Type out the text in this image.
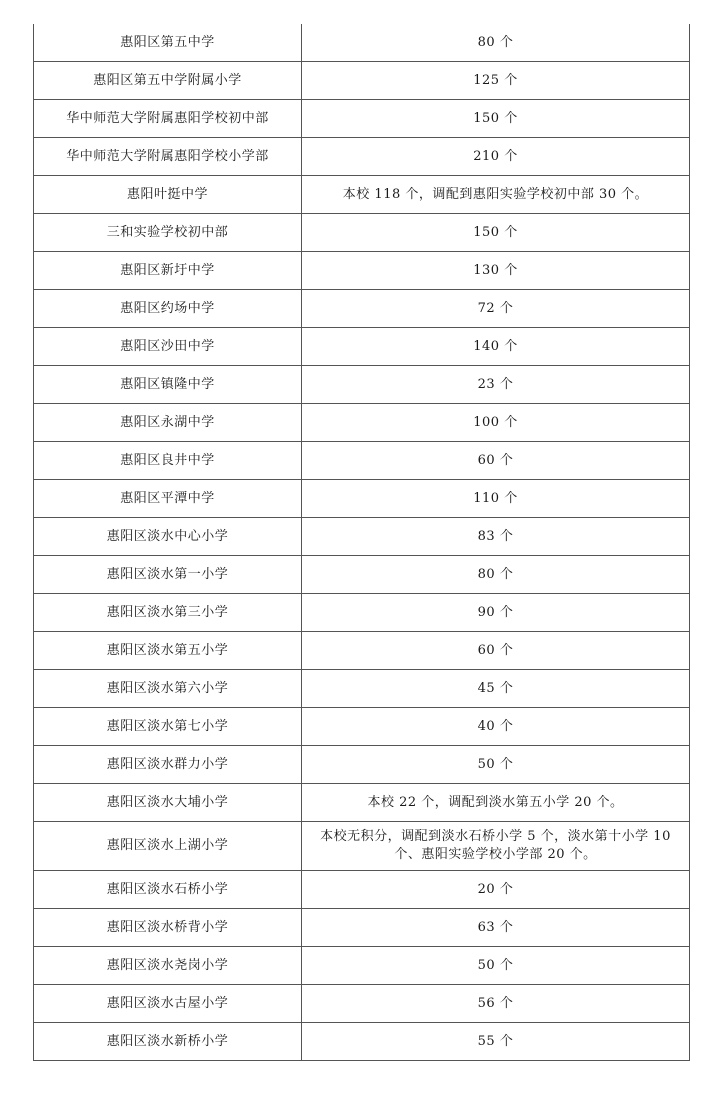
惠阳区第五中学	80 个
惠阳区第五中学附属小学	125 个
华中师范大学附属惠阳学校初中部	150 个
华中师范大学附属惠阳学校小学部	210 个
惠阳叶挺中学	本校 118 个，调配到惠阳实验学校初中部 30 个。
三和实验学校初中部	150 个
惠阳区新圩中学	130 个
惠阳区约场中学	72 个
惠阳区沙田中学	140 个
惠阳区镇隆中学	23 个
惠阳区永湖中学	100 个
惠阳区良井中学	60 个
惠阳区平潭中学	110 个
惠阳区淡水中心小学	83 个
惠阳区淡水第一小学	80 个
惠阳区淡水第三小学	90 个
惠阳区淡水第五小学	60 个
惠阳区淡水第六小学	45 个
惠阳区淡水第七小学	40 个
惠阳区淡水群力小学	50 个
惠阳区淡水大埔小学	本校 22 个，调配到淡水第五小学 20 个。
惠阳区淡水上湖小学	本校无积分，调配到淡水石桥小学 5 个，淡水第十小学 10 个、惠阳实验学校小学部 20 个。
惠阳区淡水石桥小学	20 个
惠阳区淡水桥背小学	63 个
惠阳区淡水尧岗小学	50 个
惠阳区淡水古屋小学	56 个
惠阳区淡水新桥小学	55 个
